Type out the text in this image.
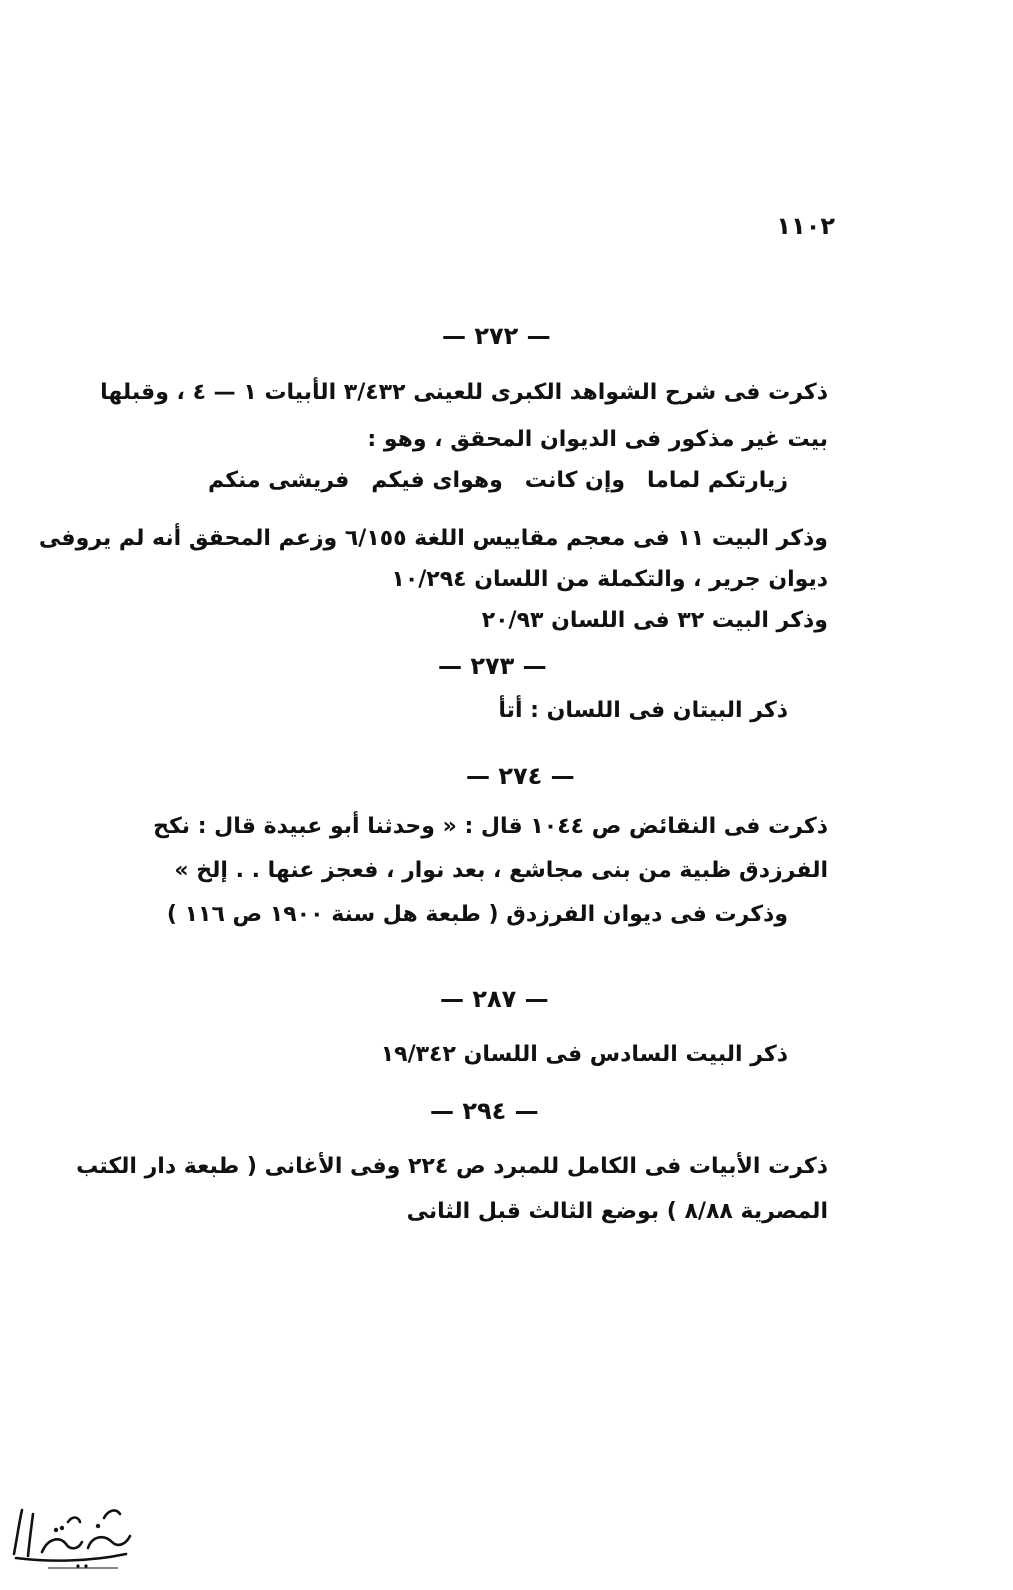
١١٠٢
— ٢٧٢ —
ذكرت فى شرح الشواهد الكبرى للعينى ٣/٤٣٢ الأبيات ١ — ٤ ، وقبلها
بيت غير مذكور فى الديوان المحقق ، وهو :
فريشى منكم وهواى فيكم وإن كانت زيارتكم لماما
وذكر البيت ١١ فى معجم مقاييس اللغة ٦/١٥٥ وزعم المحقق أنه لم يروفى
ديوان جرير ، والتكملة من اللسان ١٠/٢٩٤
وذكر البيت ٣٢ فى اللسان ٢٠/٩٣
— ٢٧٣ —
ذكر البيتان فى اللسان : أتأ
— ٢٧٤ —
ذكرت فى النقائض ص ١٠٤٤ قال : « وحدثنا أبو عبيدة قال : نكح
الفرزدق ظبية من بنى مجاشع ، بعد نوار ، فعجز عنها . . إلخ »
وذكرت فى ديوان الفرزدق ( طبعة هل سنة ١٩٠٠ ص ١١٦ )
— ٢٨٧ —
ذكر البيت السادس فى اللسان ١٩/٣٤٢
— ٢٩٤ —
ذكرت الأبيات فى الكامل للمبرد ص ٢٢٤ وفى الأغانى ( طبعة دار الكتب
المصرية ٨/٨٨ ) بوضع الثالث قبل الثانى
